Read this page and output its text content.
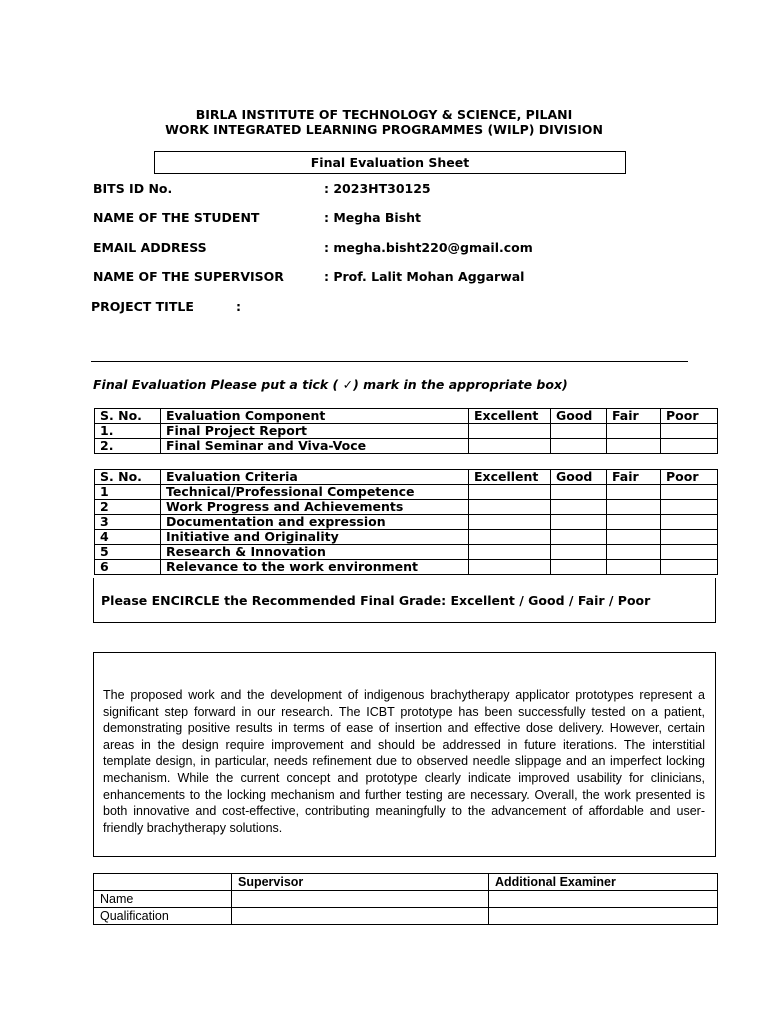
BIRLA INSTITUTE OF TECHNOLOGY & SCIENCE, PILANI
WORK INTEGRATED LEARNING PROGRAMMES (WILP) DIVISION
Final Evaluation Sheet
BITS ID No.	: 2023HT30125
NAME OF THE STUDENT	: Megha Bisht
EMAIL ADDRESS	: megha.bisht220@gmail.com
NAME OF THE SUPERVISOR	: Prof. Lalit Mohan Aggarwal
PROJECT TITLE	:
Final Evaluation Please put a tick ( ✓) mark in the appropriate box)
S. No.	Evaluation Component	Excellent	Good	Fair	Poor
1.	Final Project Report				
2.	Final Seminar and Viva-Voce				
S. No.	Evaluation Criteria	Excellent	Good	Fair	Poor
1	Technical/Professional Competence				
2	Work Progress and Achievements				
3	Documentation and expression				
4	Initiative and Originality				
5	Research & Innovation				
6	Relevance to the work environment				
Please ENCIRCLE the Recommended Final Grade: Excellent / Good / Fair / Poor
The proposed work and the development of indigenous brachytherapy applicator prototypes represent a significant step forward in our research. The ICBT prototype has been successfully tested on a patient, demonstrating positive results in terms of ease of insertion and effective dose delivery. However, certain areas in the design require improvement and should be addressed in future iterations. The interstitial template design, in particular, needs refinement due to observed needle slippage and an imperfect locking mechanism. While the current concept and prototype clearly indicate improved usability for clinicians, enhancements to the locking mechanism and further testing are necessary. Overall, the work presented is both innovative and cost-effective, contributing meaningfully to the advancement of affordable and user-friendly brachytherapy solutions.
	Supervisor	Additional Examiner
Name		
Qualification		
